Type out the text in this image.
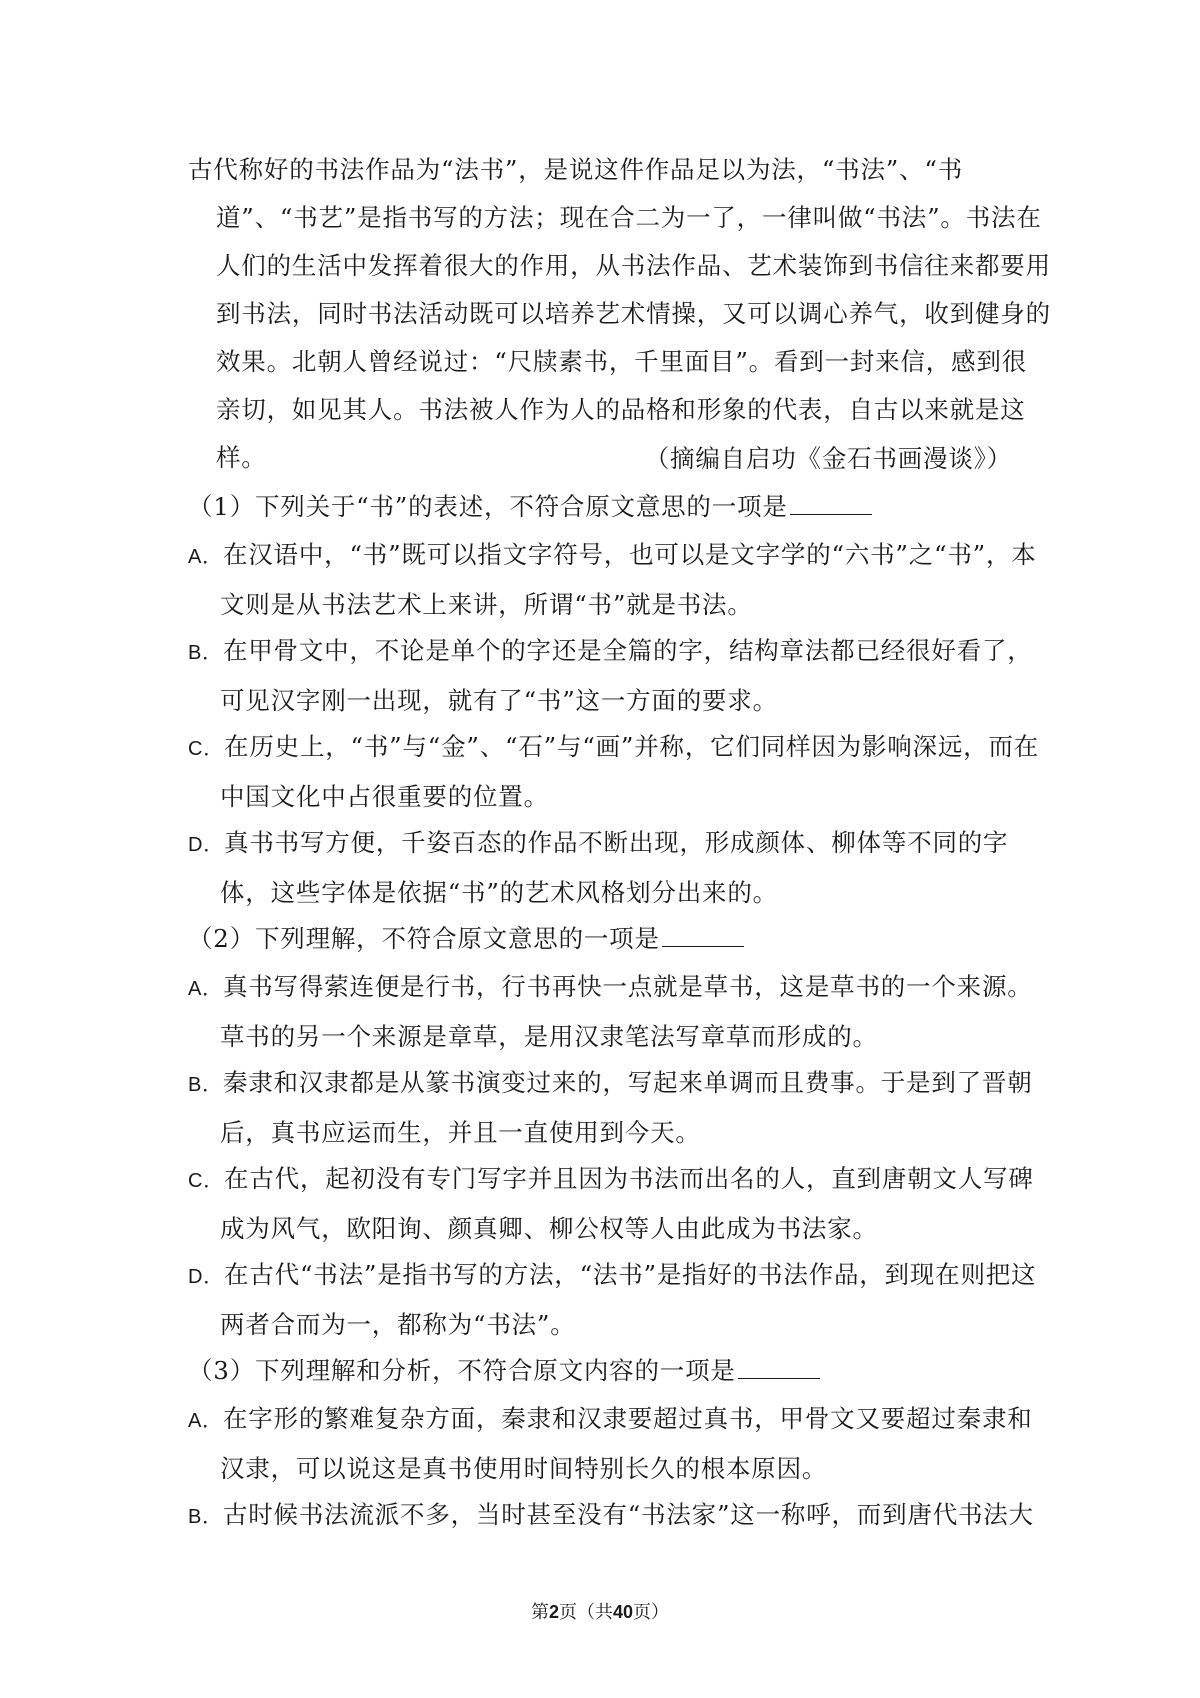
古代称好的书法作品为“法书”，是说这件作品足以为法，“书法”、“书道”、“书艺”是指书写的方法；现在合二为一了，一律叫做“书法”。书法在人们的生活中发挥着很大的作用，从书法作品、艺术装饰到书信往来都要用到书法，同时书法活动既可以培养艺术情操，又可以调心养气，收到健身的效果。北朝人曾经说过：“尺牍素书，千里面目”。看到一封来信，感到很亲切，如见其人。书法被人作为人的品格和形象的代表，自古以来就是这样。	（摘编自启功《金石书画漫谈》）

（1）下列关于“书”的表述，不符合原文意思的一项是

A．在汉语中，“书”既可以指文字符号，也可以是文字学的“六书”之“书”，本文则是从书法艺术上来讲，所谓“书”就是书法。

B．在甲骨文中，不论是单个的字还是全篇的字，结构章法都已经很好看了，可见汉字刚一出现，就有了“书”这一方面的要求。

C．在历史上，“书”与“金”、“石”与“画”并称，它们同样因为影响深远，而在中国文化中占很重要的位置。

D．真书书写方便，千姿百态的作品不断出现，形成颜体、柳体等不同的字体，这些字体是依据“书”的艺术风格划分出来的。

（2）下列理解，不符合原文意思的一项是

A．真书写得萦连便是行书，行书再快一点就是草书，这是草书的一个来源。草书的另一个来源是章草，是用汉隶笔法写章草而形成的。

B．秦隶和汉隶都是从篆书演变过来的，写起来单调而且费事。于是到了晋朝后，真书应运而生，并且一直使用到今天。

C．在古代，起初没有专门写字并且因为书法而出名的人，直到唐朝文人写碑成为风气，欧阳询、颜真卿、柳公权等人由此成为书法家。

D．在古代“书法”是指书写的方法，“法书”是指好的书法作品，到现在则把这两者合而为一，都称为“书法”。

（3）下列理解和分析，不符合原文内容的一项是

A．在字形的繁难复杂方面，秦隶和汉隶要超过真书，甲骨文又要超过秦隶和汉隶，可以说这是真书使用时间特别长久的根本原因。

B．古时候书法流派不多，当时甚至没有“书法家”这一称呼，而到唐代书法大

第2页（共40页）
